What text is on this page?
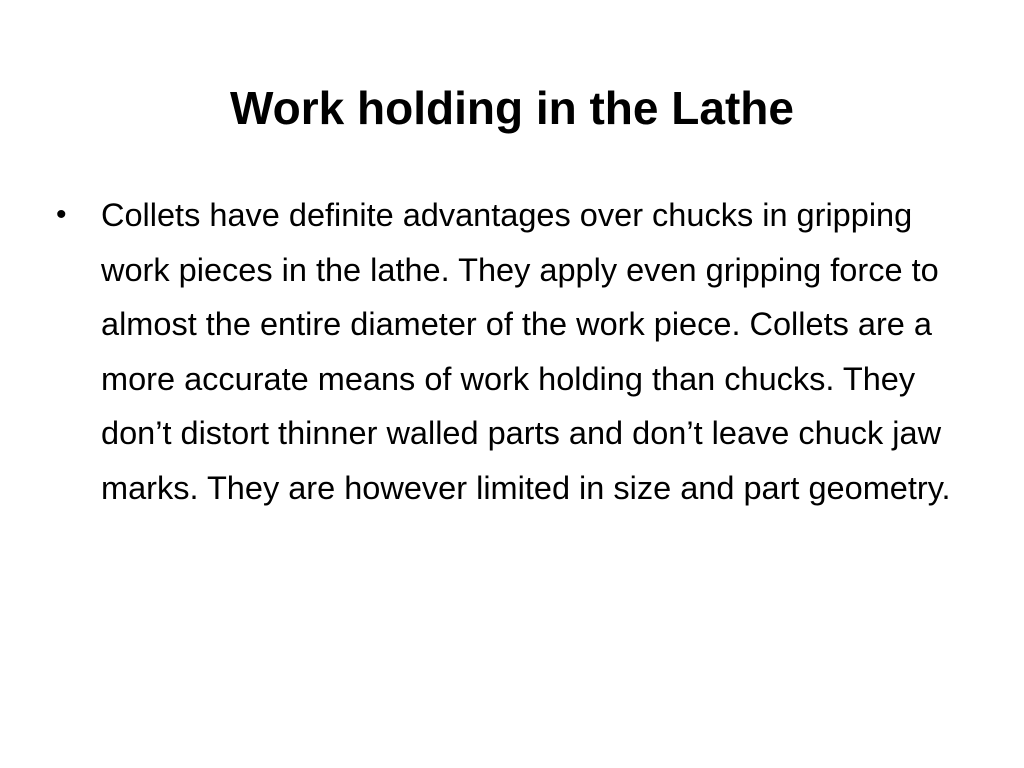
Work holding in the Lathe
•	Collets have definite advantages over chucks in gripping work pieces in the lathe. They apply even gripping force to almost the entire diameter of the work piece. Collets are a more accurate means of work holding than chucks. They don’t distort thinner walled parts and don’t leave chuck jaw marks. They are however limited in size and part geometry.
